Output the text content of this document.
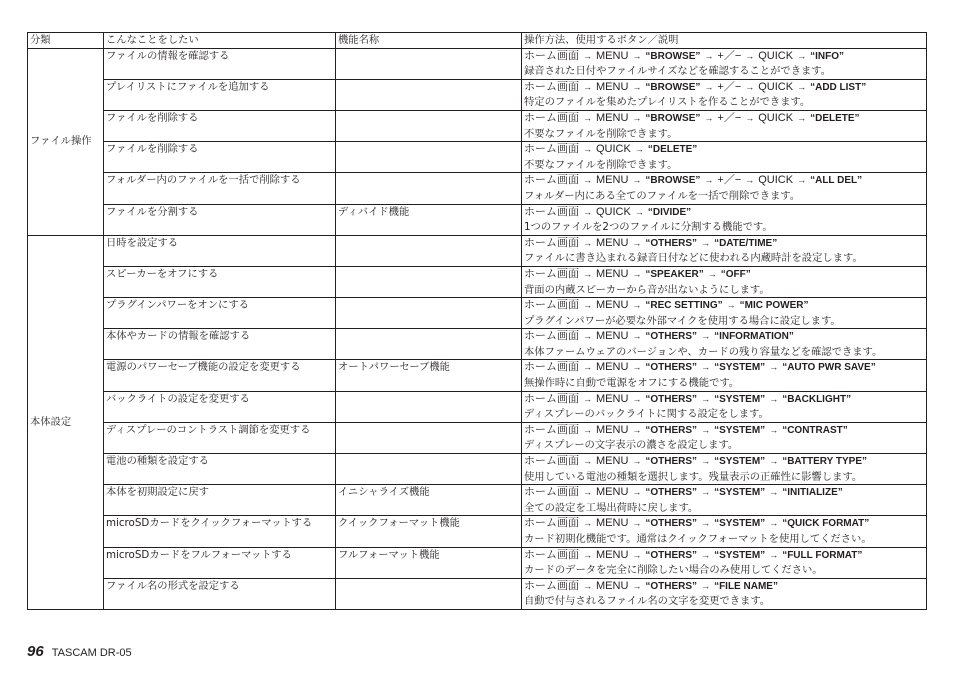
分類	こんなことをしたい	機能名称	操作方法、使用するボタン／説明
ファイル操作	ファイルの情報を確認する		ホーム画面 → MENU → “BROWSE” → +／− → QUICK → “INFO”
録音された日付やファイルサイズなどを確認することができます。

	プレイリストにファイルを追加する		ホーム画面 → MENU → “BROWSE” → +／− → QUICK → “ADD LIST”
特定のファイルを集めたプレイリストを作ることができます。

	ファイルを削除する		ホーム画面 → MENU → “BROWSE” → +／− → QUICK → “DELETE”
不要なファイルを削除できます。

	ファイルを削除する		ホーム画面 → QUICK → “DELETE”
不要なファイルを削除できます。

	フォルダー内のファイルを一括で削除する		ホーム画面 → MENU → “BROWSE” → +／− → QUICK → “ALL DEL”
フォルダー内にある全てのファイルを一括で削除できます。

	ファイルを分割する	ディバイド機能	ホーム画面 → QUICK → “DIVIDE”
1つのファイルを2つのファイルに分割する機能です。

本体設定	日時を設定する		ホーム画面 → MENU → “OTHERS” → “DATE/TIME”
ファイルに書き込まれる録音日付などに使われる内蔵時計を設定します。

	スピーカーをオフにする		ホーム画面 → MENU → “SPEAKER” → “OFF”
背面の内蔵スピーカーから音が出ないようにします。

	プラグインパワーをオンにする		ホーム画面 → MENU → “REC SETTING” → “MIC POWER”
プラグインパワーが必要な外部マイクを使用する場合に設定します。

	本体やカードの情報を確認する		ホーム画面 → MENU → “OTHERS” → “INFORMATION”
本体ファームウェアのバージョンや、カードの残り容量などを確認できます。

	電源のパワーセーブ機能の設定を変更する	オートパワーセーブ機能	ホーム画面 → MENU → “OTHERS” → “SYSTEM” → “AUTO PWR SAVE”
無操作時に自動で電源をオフにする機能です。

	バックライトの設定を変更する		ホーム画面 → MENU → “OTHERS” → “SYSTEM” → “BACKLIGHT”
ディスプレーのバックライトに関する設定をします。

	ディスプレーのコントラスト調節を変更する		ホーム画面 → MENU → “OTHERS” → “SYSTEM” → “CONTRAST”
ディスプレーの文字表示の濃さを設定します。

	電池の種類を設定する		ホーム画面 → MENU → “OTHERS” → “SYSTEM” → “BATTERY TYPE”
使用している電池の種類を選択します。残量表示の正確性に影響します。

	本体を初期設定に戻す	イニシャライズ機能	ホーム画面 → MENU → “OTHERS” → “SYSTEM” → “INITIALIZE”
全ての設定を工場出荷時に戻します。

	microSDカードをクイックフォーマットする	クイックフォーマット機能	ホーム画面 → MENU → “OTHERS” → “SYSTEM” → “QUICK FORMAT”
カード初期化機能です。通常はクイックフォーマットを使用してください。

	microSDカードをフルフォーマットする	フルフォーマット機能	ホーム画面 → MENU → “OTHERS” → “SYSTEM” → “FULL FORMAT”
カードのデータを完全に削除したい場合のみ使用してください。

	ファイル名の形式を設定する		ホーム画面 → MENU → “OTHERS” → “FILE NAME”
自動で付与されるファイル名の文字を変更できます。
96 TASCAM DR-05
